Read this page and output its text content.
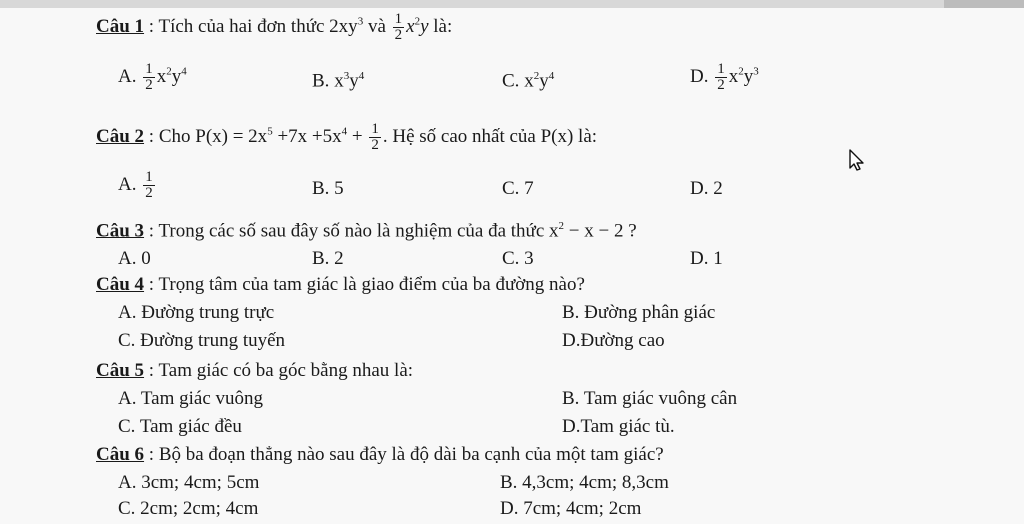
Câu 1 : Tích của hai đơn thức $2xy^3$ và $\frac{1}{2} x^2y$ là:
A. $\frac{1}{2} x^2y^4$	B. $x^3y^4$	C. $x^2y^4$	D. $\frac{1}{2} x^2y^3$
Câu 2 : Cho $P(x) = 2x^5 +7x +5x^4 + \frac{1}{2}$ . Hệ số cao nhất của P(x) là:
A. $\frac{1}{2}$	B. 5	C. 7	D. 2
Câu 3 : Trong các số sau đây số nào là nghiệm của đa thức $x^2 - x - 2$ ?
A. 0	B. 2	C. 3	D. 1
Câu 4 : Trọng tâm của tam giác là giao điểm của ba đường nào?
A. Đường trung trực	B. Đường phân giác
C. Đường trung tuyến	D.Đường cao
Câu 5 : Tam giác có ba góc bằng nhau là:
A. Tam giác vuông	B. Tam giác vuông cân
C. Tam giác đều	D.Tam giác tù.
Câu 6 : Bộ ba đoạn thẳng nào sau đây là độ dài ba cạnh của một tam giác?
A. 3cm; 4cm; 5cm	B. 4,3cm; 4cm; 8,3cm
C. 2cm; 2cm; 4cm	D. 7cm; 4cm; 2cm
